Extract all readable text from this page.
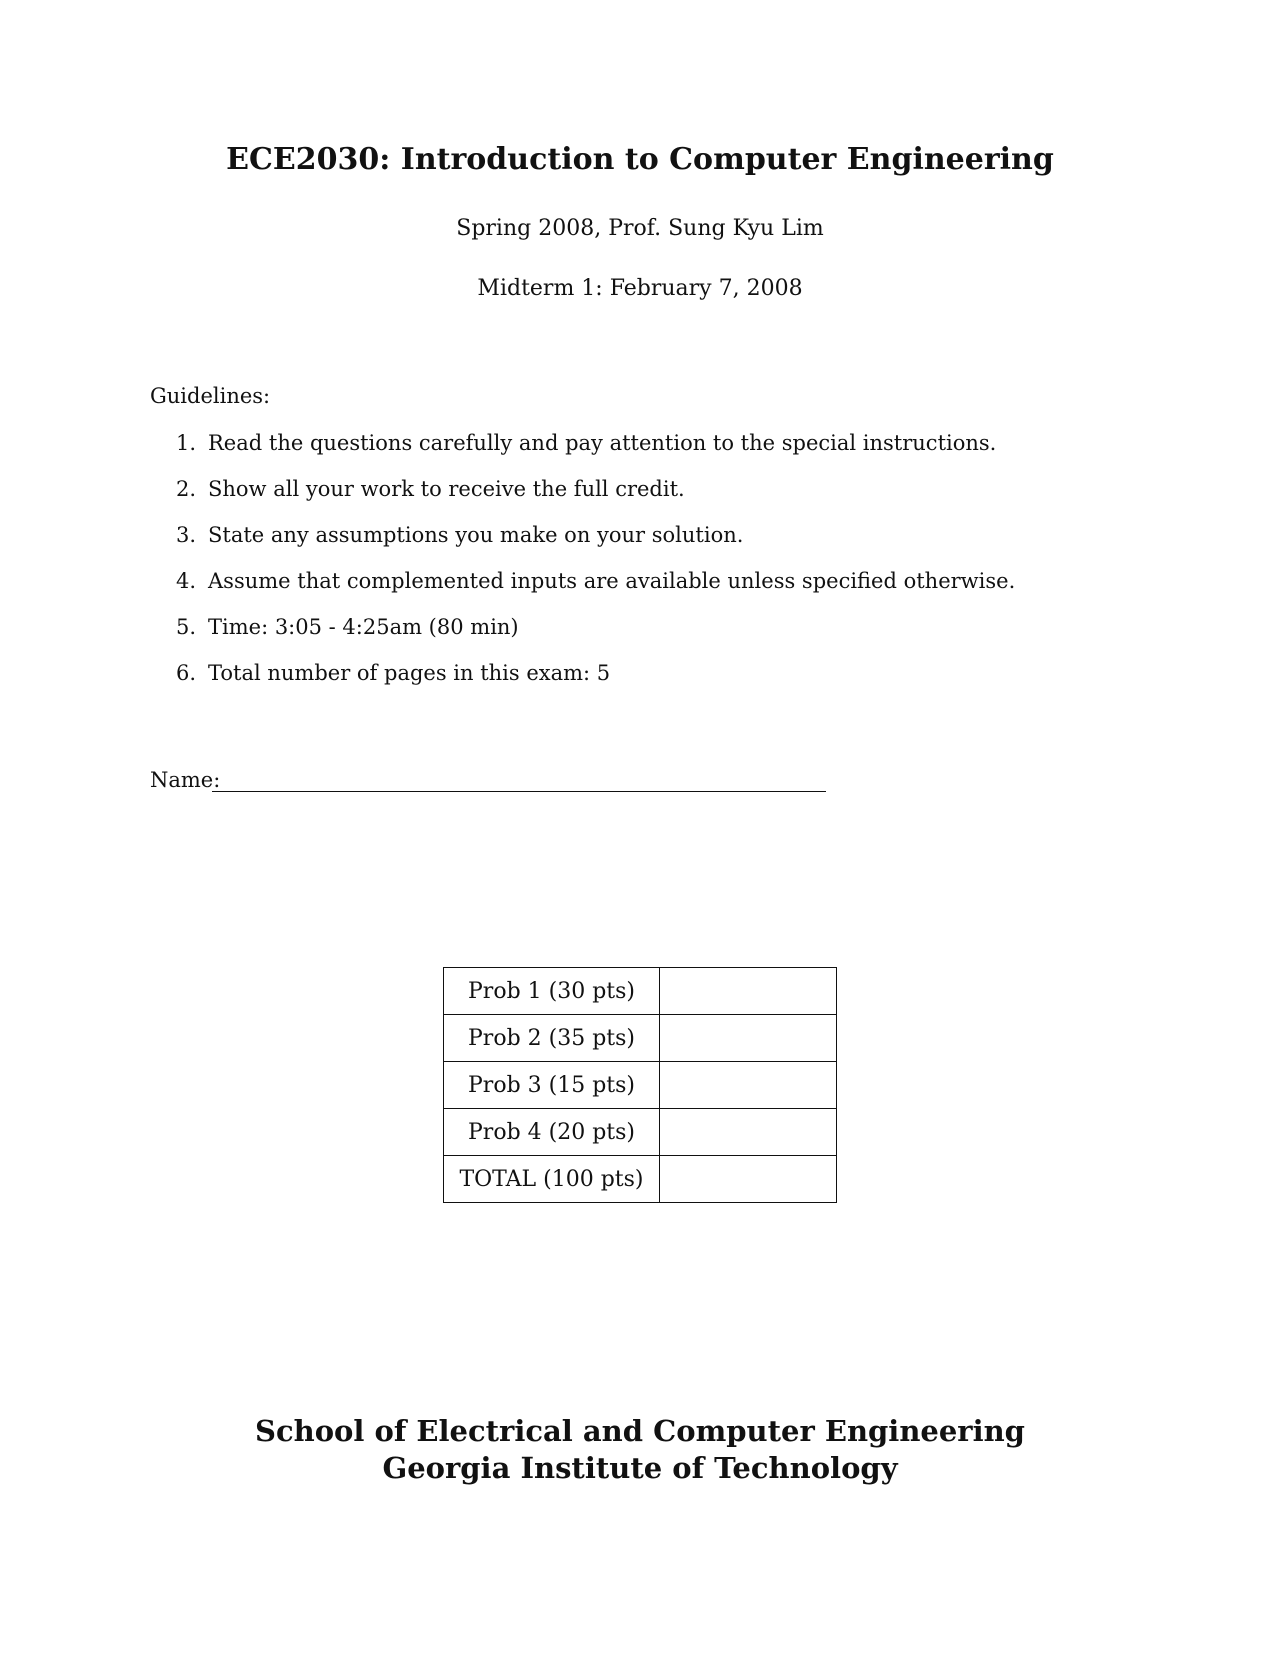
ECE2030: Introduction to Computer Engineering
Spring 2008, Prof. Sung Kyu Lim
Midterm 1: February 7, 2008
Guidelines:
1. Read the questions carefully and pay attention to the special instructions.
2. Show all your work to receive the full credit.
3. State any assumptions you make on your solution.
4. Assume that complemented inputs are available unless specified otherwise.
5. Time: 3:05 - 4:25am (80 min)
6. Total number of pages in this exam: 5
Name:
Prob 1 (30 pts)	
Prob 2 (35 pts)	
Prob 3 (15 pts)	
Prob 4 (20 pts)	
TOTAL (100 pts)	
School of Electrical and Computer Engineering
Georgia Institute of Technology
